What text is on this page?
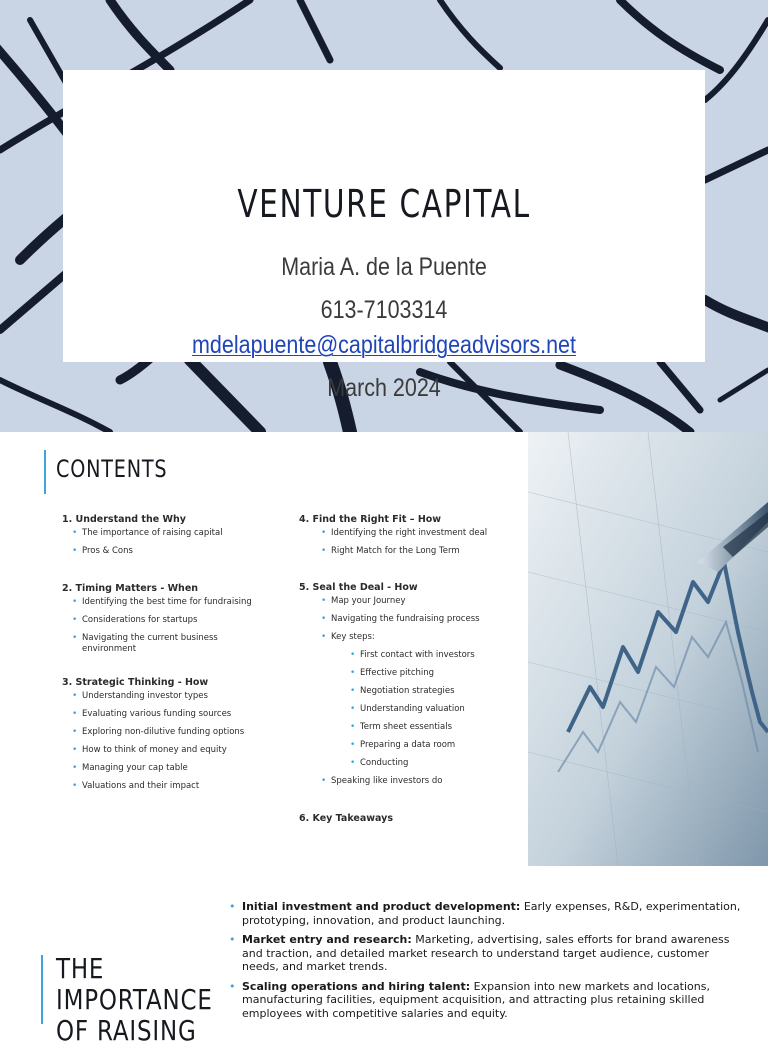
VENTURE CAPITAL
Maria A. de la Puente
613-7103314
mdelapuente@capitalbridgeadvisors.net
March 2024
CONTENTS

1. Understand the Why

• The importance of raising capital
• Pros & Cons

2. Timing Matters - When

• Identifying the best time for fundraising
• Considerations for startups
• Navigating the current business environment

3. Strategic Thinking - How

• Understanding investor types
• Evaluating various funding sources
• Exploring non-dilutive funding options
• How to think of money and equity
• Managing your cap table
• Valuations and their impact

4. Find the Right Fit – How

• Identifying the right investment deal
• Right Match for the Long Term

5. Seal the Deal - How

• Map your Journey
• Navigating the fundraising process
• Key steps:
• First contact with investors
• Effective pitching
• Negotiation strategies
• Understanding valuation
• Term sheet essentials
• Preparing a data room
• Conducting
• Speaking like investors do

6. Key Takeaways

THE
IMPORTANCE
OF RAISING
• Initial investment and product development: Early expenses, R&D, experimentation, prototyping, innovation, and product launching.
• Market entry and research: Marketing, advertising, sales efforts for brand awareness and traction, and detailed market research to understand target audience, customer needs, and market trends.
• Scaling operations and hiring talent: Expansion into new markets and locations, manufacturing facilities, equipment acquisition, and attracting plus retaining skilled employees with competitive salaries and equity.
